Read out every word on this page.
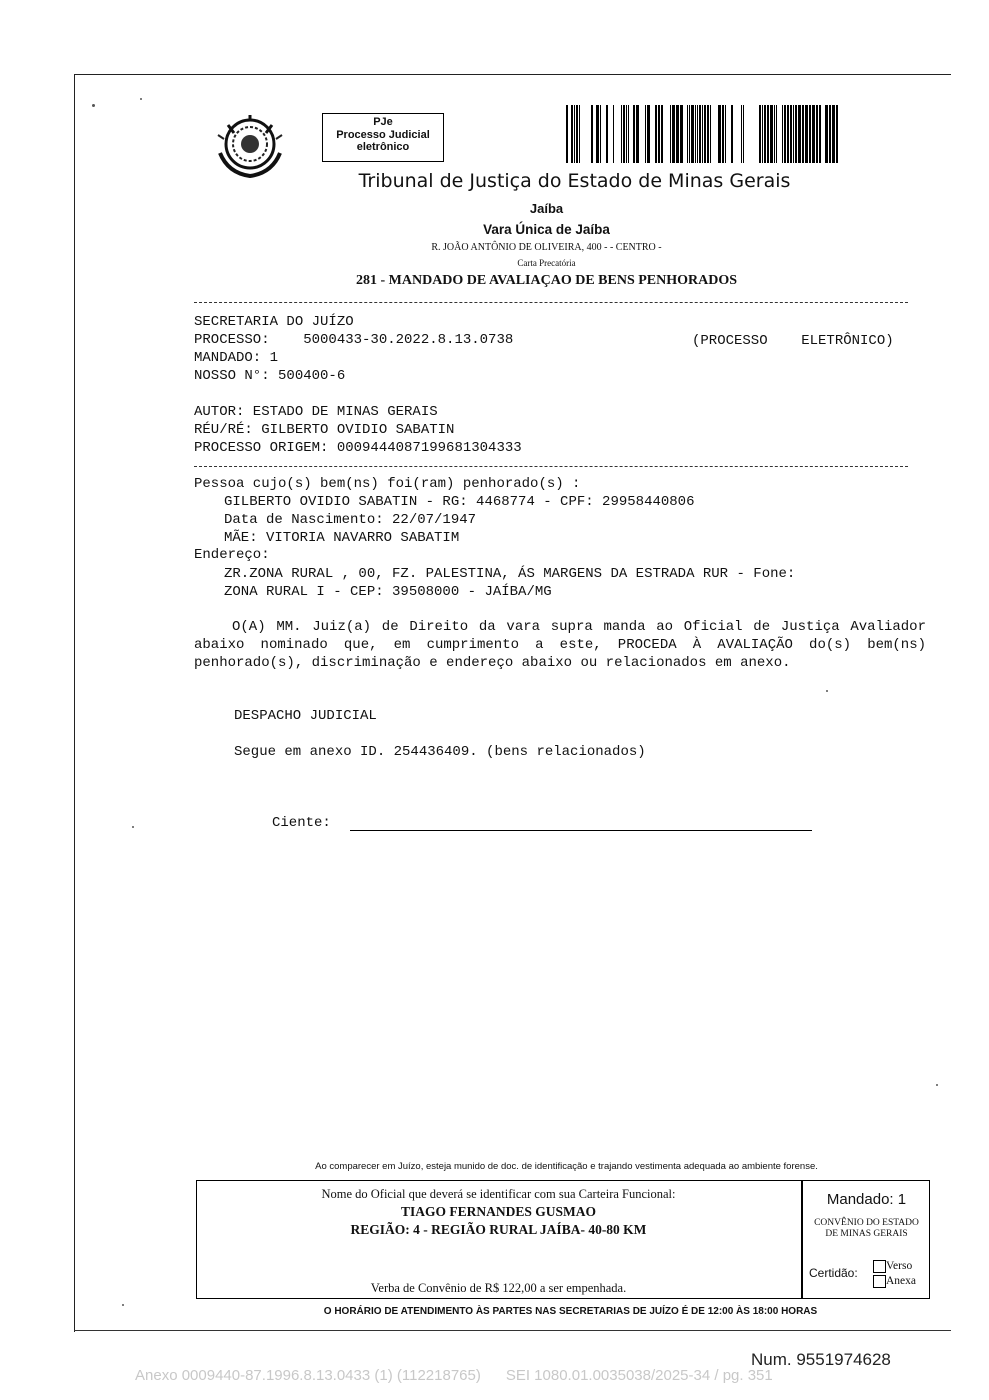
PJe
Processo Judicial
eletrônico
Tribunal de Justiça do Estado de Minas Gerais
Jaíba
Vara Única de Jaíba
R. JOÃO ANTÔNIO DE OLIVEIRA, 400 - - CENTRO -
Carta Precatória
281 - MANDADO DE AVALIAÇAO DE BENS PENHORADOS
SECRETARIA DO JUÍZO
PROCESSO:    5000433-30.2022.8.13.0738	(PROCESSO    ELETRÔNICO)
MANDADO: 1
NOSSO N°: 500400-6
AUTOR: ESTADO DE MINAS GERAIS
RÉU/RÉ: GILBERTO OVIDIO SABATIN
PROCESSO ORIGEM: 0009444087199681304333
Pessoa cujo(s) bem(ns) foi(ram) penhorado(s) :
GILBERTO OVIDIO SABATIN - RG: 4468774 - CPF: 29958440806
Data de Nascimento: 22/07/1947
MÃE: VITORIA NAVARRO SABATIM
Endereço:
ZR.ZONA RURAL , 00, FZ. PALESTINA, ÁS MARGENS DA ESTRADA RUR - Fone:
ZONA RURAL I - CEP: 39508000 - JAÍBA/MG
O(A) MM. Juiz(a) de Direito da vara supra manda ao Oficial de Justiça Avaliador abaixo nominado que, em cumprimento a este, PROCEDA À AVALIAÇÃO do(s) bem(ns) penhorado(s), discriminação e endereço abaixo ou relacionados em anexo.
DESPACHO JUDICIAL
Segue em anexo ID. 254436409. (bens relacionados)
Ciente:
Ao comparecer em Juízo, esteja munido de doc. de identificação e trajando vestimenta adequada ao ambiente forense.
Nome do Oficial que deverá se identificar com sua Carteira Funcional:
TIAGO FERNANDES GUSMAO
REGIÃO: 4 - REGIÃO RURAL JAÍBA- 40-80 KM
Verba de Convênio de R$ 122,00 a ser empenhada.
Mandado: 1
CONVÊNIO DO ESTADO DE MINAS GERAIS
Certidão:	Verso
Anexa
O HORÁRIO DE ATENDIMENTO ÀS PARTES NAS SECRETARIAS DE JUÍZO É DE 12:00 ÀS 18:00 HORAS
Num. 9551974628
Anexo 0009440-87.1996.8.13.0433 (1) (112218765)      SEI 1080.01.0035038/2025-34 / pg. 351
